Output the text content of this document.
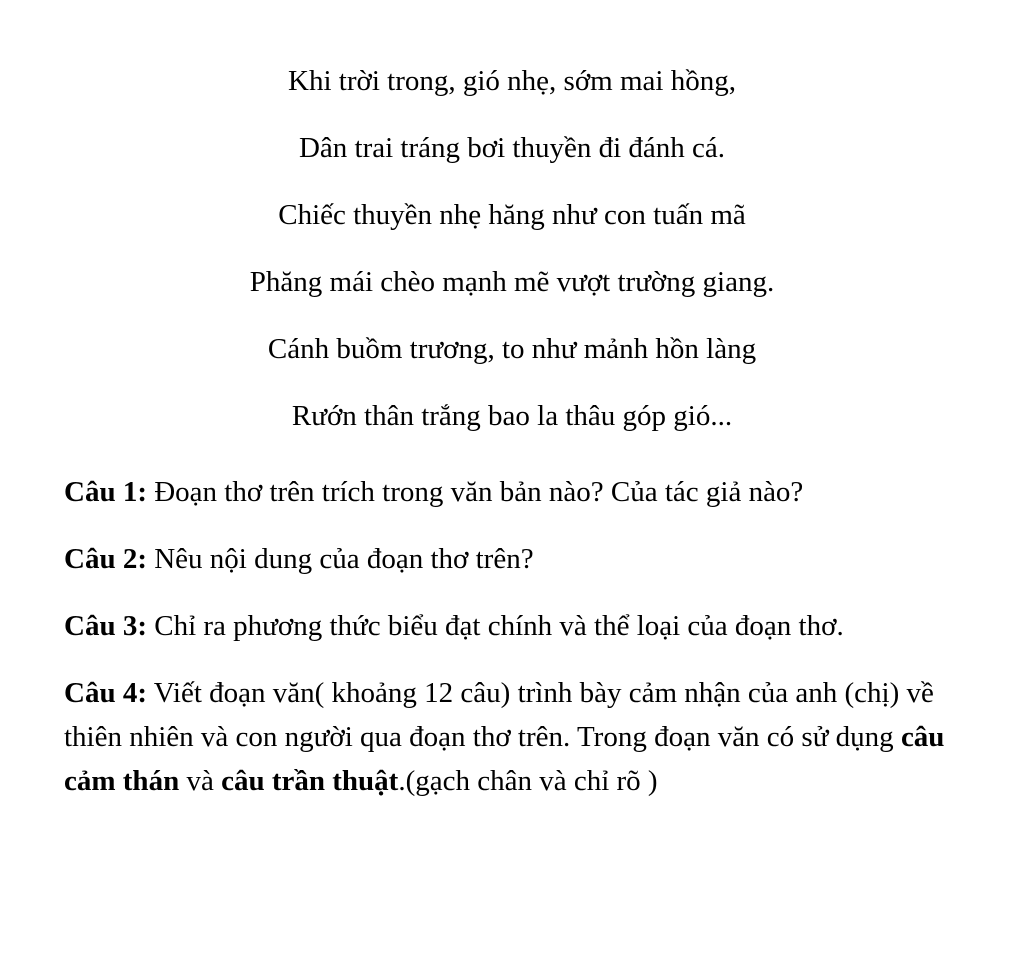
Khi trời trong, gió nhẹ, sớm mai hồng,
Dân trai tráng bơi thuyền đi đánh cá.
Chiếc thuyền nhẹ hăng như con tuấn mã
Phăng mái chèo mạnh mẽ vượt trường giang.
Cánh buồm trương, to như mảnh hồn làng
Rướn thân trắng bao la thâu góp gió...
Câu 1: Đoạn thơ trên trích trong văn bản nào? Của tác giả nào?
Câu 2: Nêu nội dung của đoạn thơ trên?
Câu 3: Chỉ ra phương thức biểu đạt chính và thể loại của đoạn thơ.
Câu 4: Viết đoạn văn( khoảng 12 câu) trình bày cảm nhận của anh (chị) về thiên nhiên và con người qua đoạn thơ trên. Trong đoạn văn có sử dụng câu cảm thán và câu trần thuật.(gạch chân và chỉ rõ )
